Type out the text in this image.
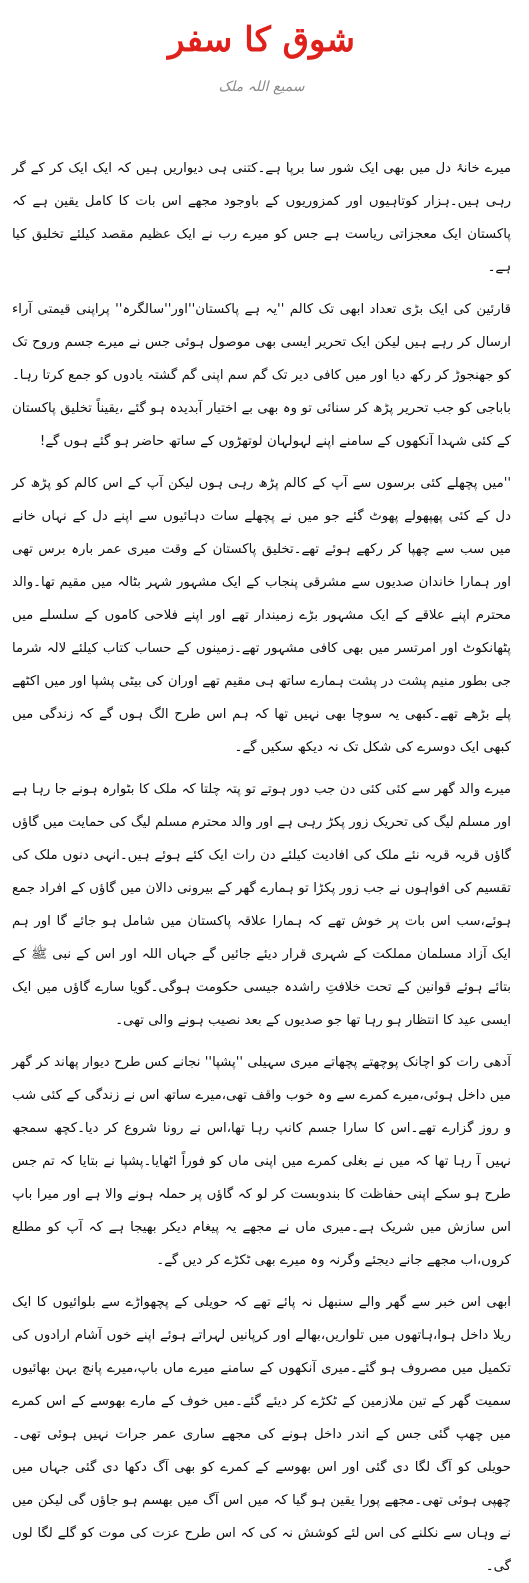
شوق کا سفر
سمیع اللہ ملک

میرے خانۂ دل میں بھی ایک شور سا برپا ہے۔کتنی ہی دیواریں ہیں کہ ایک ایک کر کے گر رہی ہیں۔ہزار کوتاہیوں اور کمزوریوں کے باوجود مجھے اس بات کا کامل یقین ہے کہ پاکستان ایک معجزاتی ریاست ہے جس کو میرے رب نے ایک عظیم مقصد کیلئے تخلیق کیا ہے۔

قارئین کی ایک بڑی تعداد ابھی تک کالم ''یہ ہے پاکستان''اور''سالگرہ'' پراپنی قیمتی آراء ارسال کر رہے ہیں لیکن ایک تحریر ایسی بھی موصول ہوئی جس نے میرے جسم وروح تک کو جھنجوڑ کر رکھ دیا اور میں کافی دیر تک گم سم اپنی گم گشتہ یادوں کو جمع کرتا رہا۔باباجی کو جب تحریر پڑھ کر سنائی تو وہ بھی بے اختیار آبدیدہ ہو گئے ،یقیناً تخلیق پاکستان کے کئی شہدا آنکھوں کے سامنے اپنے لہولہان لوتھڑوں کے ساتھ حاضر ہو گئے ہوں گے!

''میں پچھلے کئی برسوں سے آپ کے کالم پڑھ رہی ہوں لیکن آپ کے اس کالم کو پڑھ کر دل کے کئی پھپھولے پھوٹ گئے جو میں نے پچھلے سات دہائیوں سے اپنے دل کے نہاں خانے میں سب سے چھپا کر رکھے ہوئے تھے۔تخلیق پاکستان کے وقت میری عمر بارہ برس تھی اور ہمارا خاندان صدیوں سے مشرقی پنجاب کے ایک مشہور شہر بٹالہ میں مقیم تھا۔والد محترم اپنے علاقے کے ایک مشہور بڑے زمیندار تھے اور اپنے فلاحی کاموں کے سلسلے میں پٹھانکوٹ اور امرتسر میں بھی کافی مشہور تھے۔زمینوں کے حساب کتاب کیلئے لالہ شرما جی بطور منیم پشت در پشت ہمارے ساتھ ہی مقیم تھے اوران کی بیٹی پشپا اور میں اکٹھے پلے بڑھے تھے۔کبھی یہ سوچا بھی نہیں تھا کہ ہم اس طرح الگ ہوں گے کہ زندگی میں کبھی ایک دوسرے کی شکل تک نہ دیکھ سکیں گے۔

میرے والد گھر سے کئی کئی دن جب دور ہوتے تو پتہ چلتا کہ ملک کا بٹوارہ ہونے جا رہا ہے اور مسلم لیگ کی تحریک زور پکڑ رہی ہے اور والد محترم مسلم لیگ کی حمایت میں گاؤں گاؤں قریہ قریہ نئے ملک کی افادیت کیلئے دن رات ایک کئے ہوئے ہیں۔انہی دنوں ملک کی تقسیم کی افواہوں نے جب زور پکڑا تو ہمارے گھر کے بیرونی دالان میں گاؤں کے افراد جمع ہوئے،سب اس بات پر خوش تھے کہ ہمارا علاقہ پاکستان میں شامل ہو جائے گا اور ہم ایک آزاد مسلمان مملکت کے شہری قرار دیئے جائیں گے جہاں اللہ اور اس کے نبی ﷺ کے بتائے ہوئے قوانین کے تحت خلافتِ راشدہ جیسی حکومت ہوگی۔گویا سارے گاؤں میں ایک ایسی عید کا انتظار ہو رہا تھا جو صدیوں کے بعد نصیب ہونے والی تھی۔

آدھی رات کو اچانک پوچھتے پچھاتے میری سہیلی ''پشپا'' نجانے کس طرح دیوار پھاند کر گھر میں داخل ہوئی،میرے کمرے سے وہ خوب واقف تھی،میرے ساتھ اس نے زندگی کے کئی شب و روز گزارے تھے۔اس کا سارا جسم کانپ رہا تھا،اس نے رونا شروع کر دیا۔کچھ سمجھ نہیں آ رہا تھا کہ میں نے بغلی کمرے میں اپنی ماں کو فوراً اٹھایا۔پشپا نے بتایا کہ تم جس طرح ہو سکے اپنی حفاظت کا بندوبست کر لو کہ گاؤں پر حملہ ہونے والا ہے اور میرا باپ اس سازش میں شریک ہے۔میری ماں نے مجھے یہ پیغام دیکر بھیجا ہے کہ آپ کو مطلع کروں،اب مجھے جانے دیجئے وگرنہ وہ میرے بھی ٹکڑے کر دیں گے۔

ابھی اس خبر سے گھر والے سنبھل نہ پائے تھے کہ حویلی کے پچھواڑے سے بلوائیوں کا ایک ریلا داخل ہوا،ہاتھوں میں تلواریں،بھالے اور کرپانیں لہراتے ہوئے اپنے خوں آشام ارادوں کی تکمیل میں مصروف ہو گئے۔میری آنکھوں کے سامنے میرے ماں باپ،میرے پانچ بہن بھائیوں سمیت گھر کے تین ملازمین کے ٹکڑے کر دیئے گئے۔میں خوف کے مارے بھوسے کے اس کمرے میں چھپ گئی جس کے اندر داخل ہونے کی مجھے ساری عمر جرات نہیں ہوئی تھی۔حویلی کو آگ لگا دی گئی اور اس بھوسے کے کمرے کو بھی آگ دکھا دی گئی جہاں میں چھپی ہوئی تھی۔مجھے پورا یقین ہو گیا کہ میں اس آگ میں بھسم ہو جاؤں گی لیکن میں نے وہاں سے نکلنے کی اس لئے کوشش نہ کی کہ اس طرح عزت کی موت کو گلے لگا لوں گی۔
